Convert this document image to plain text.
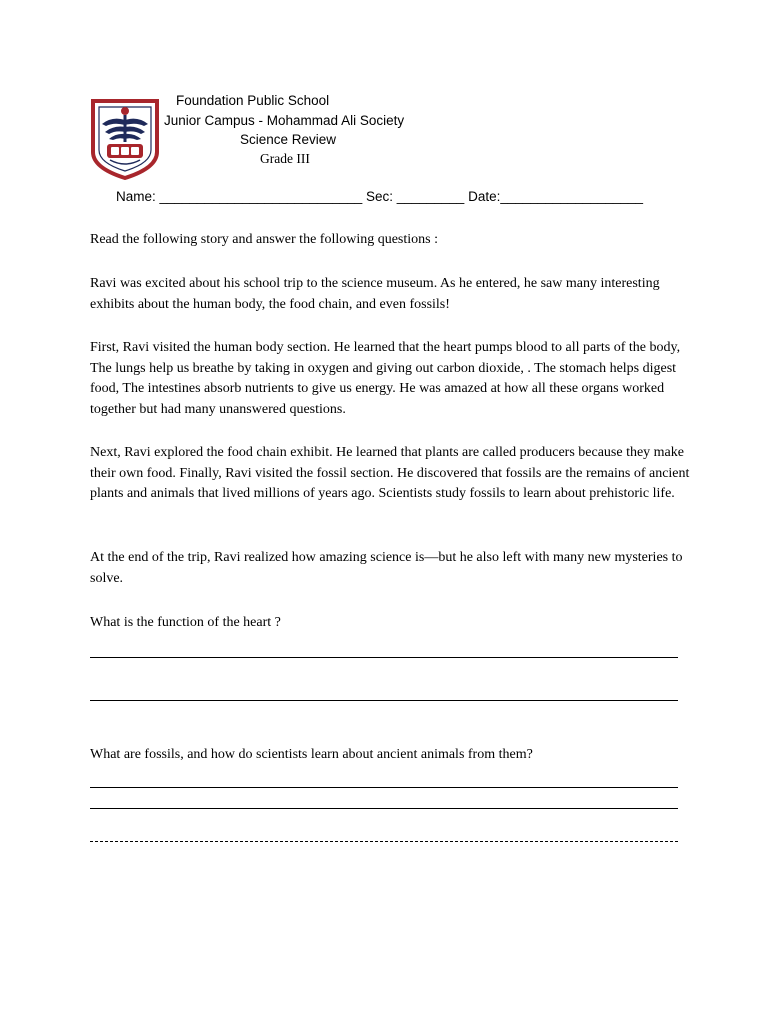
Foundation Public School
Junior Campus - Mohammad Ali Society
Science Review
Grade III
Name: ___________________________ Sec: _________ Date:___________________

Read the following story and answer the following questions :

Ravi was excited about his school trip to the science museum. As he entered, he saw many interesting exhibits about the human body, the food chain, and even fossils!

First, Ravi visited the human body section. He learned that the heart pumps blood to all parts of the body, The lungs help us breathe by taking in oxygen and giving out carbon dioxide, . The stomach helps digest food, The intestines absorb nutrients to give us energy. He was amazed at how all these organs worked together but had many unanswered questions.

Next, Ravi explored the food chain exhibit. He learned that plants are called producers because they make their own food. Finally, Ravi visited the fossil section. He discovered that fossils are the remains of ancient plants and animals that lived millions of years ago. Scientists study fossils to learn about prehistoric life.

At the end of the trip, Ravi realized how amazing science is—but he also left with many new mysteries to solve.

What is the function of the heart ?

What are fossils, and how do scientists learn about ancient animals from them?
